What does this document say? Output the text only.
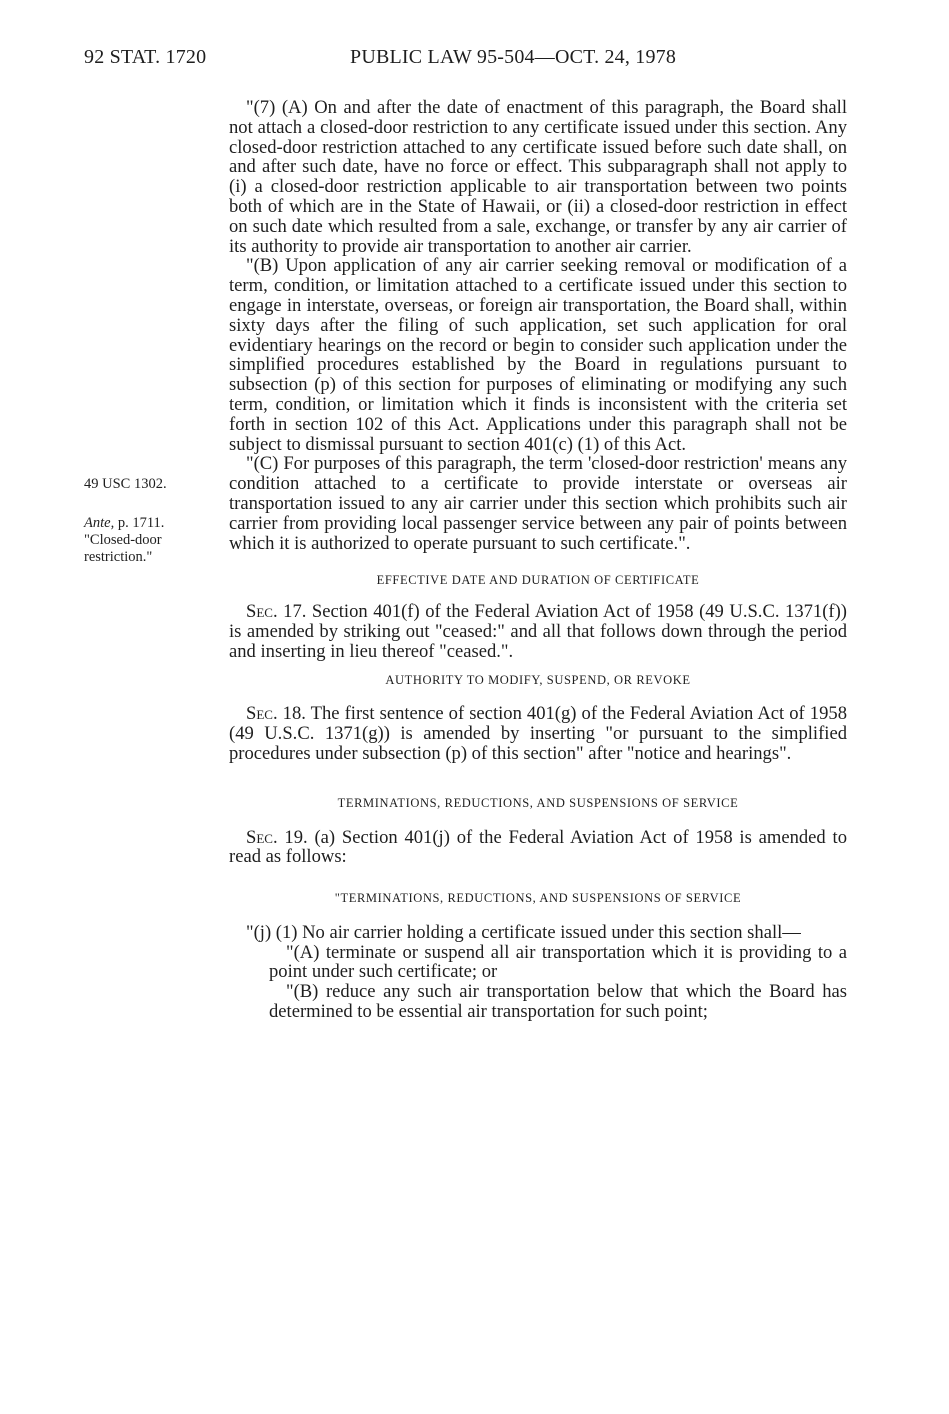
92 STAT. 1720	PUBLIC LAW 95-504—OCT. 24, 1978
49 USC 1302.
Ante, p. 1711.
"Closed-door
restriction."

"(7) (A) On and after the date of enactment of this paragraph, the Board shall not attach a closed-door restriction to any certificate issued under this section. Any closed-door restriction attached to any certificate issued before such date shall, on and after such date, have no force or effect. This subparagraph shall not apply to (i) a closed-door restriction applicable to air transportation between two points both of which are in the State of Hawaii, or (ii) a closed-door restriction in effect on such date which resulted from a sale, exchange, or transfer by any air carrier of its authority to provide air transportation to another air carrier.

"(B) Upon application of any air carrier seeking removal or modification of a term, condition, or limitation attached to a certificate issued under this section to engage in interstate, overseas, or foreign air transportation, the Board shall, within sixty days after the filing of such application, set such application for oral evidentiary hearings on the record or begin to consider such application under the simplified procedures established by the Board in regulations pursuant to subsection (p) of this section for purposes of eliminating or modifying any such term, condition, or limitation which it finds is inconsistent with the criteria set forth in section 102 of this Act. Applications under this paragraph shall not be subject to dismissal pursuant to section 401(c) (1) of this Act.

"(C) For purposes of this paragraph, the term 'closed-door restriction' means any condition attached to a certificate to provide interstate or overseas air transportation issued to any air carrier under this section which prohibits such air carrier from providing local passenger service between any pair of points between which it is authorized to operate pursuant to such certificate.".

EFFECTIVE DATE AND DURATION OF CERTIFICATE

Sec. 17. Section 401(f) of the Federal Aviation Act of 1958 (49 U.S.C. 1371(f)) is amended by striking out "ceased:" and all that follows down through the period and inserting in lieu thereof "ceased.".

AUTHORITY TO MODIFY, SUSPEND, OR REVOKE

Sec. 18. The first sentence of section 401(g) of the Federal Aviation Act of 1958 (49 U.S.C. 1371(g)) is amended by inserting "or pursuant to the simplified procedures under subsection (p) of this section" after "notice and hearings".

TERMINATIONS, REDUCTIONS, AND SUSPENSIONS OF SERVICE

Sec. 19. (a) Section 401(j) of the Federal Aviation Act of 1958 is amended to read as follows:

"TERMINATIONS, REDUCTIONS, AND SUSPENSIONS OF SERVICE

"(j) (1) No air carrier holding a certificate issued under this section shall—

"(A) terminate or suspend all air transportation which it is providing to a point under such certificate; or

"(B) reduce any such air transportation below that which the Board has determined to be essential air transportation for such point;
